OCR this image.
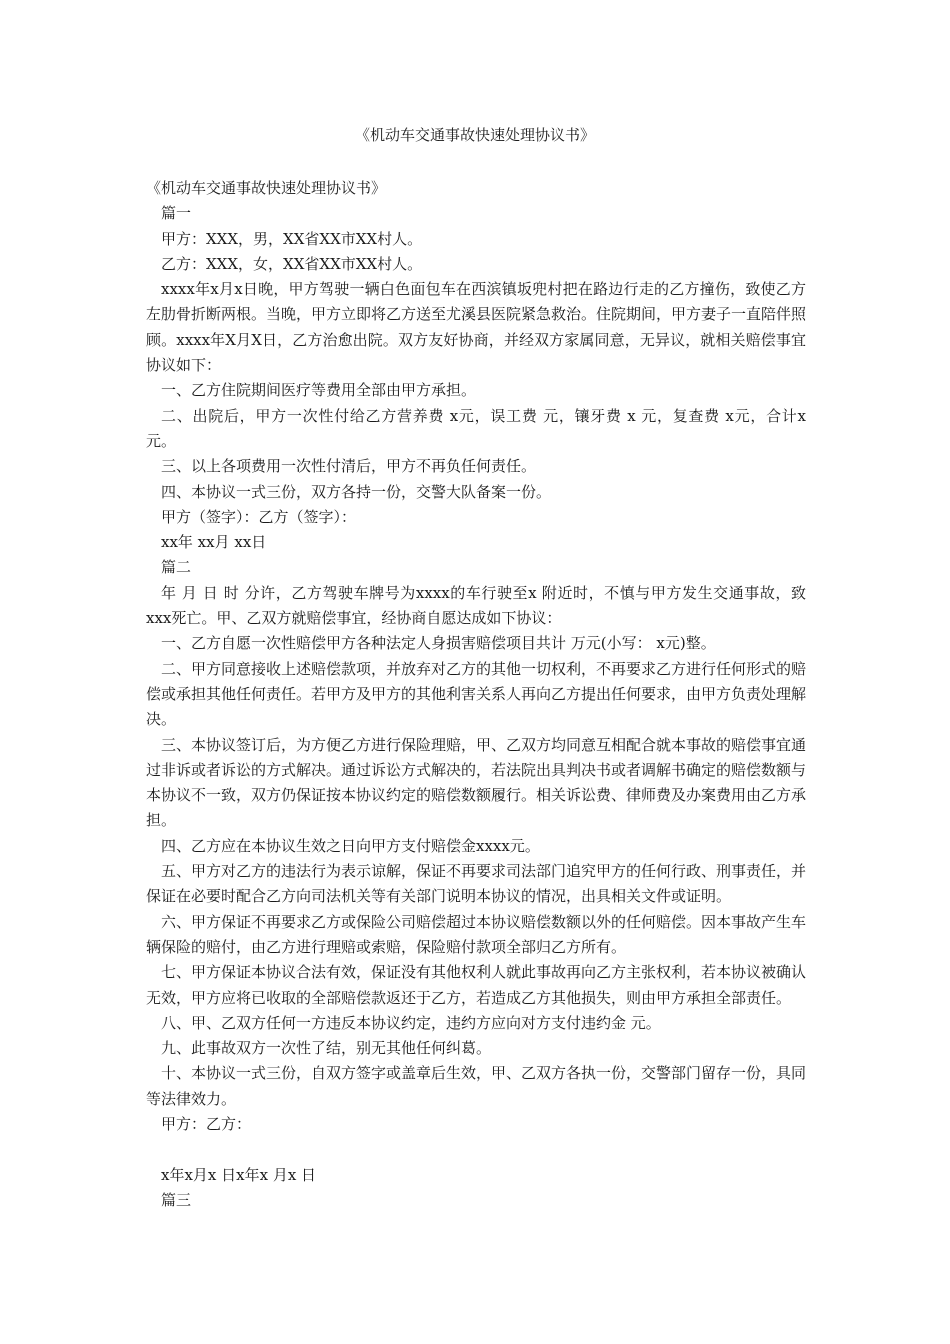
《机动车交通事故快速处理协议书》

《机动车交通事故快速处理协议书》

篇一

甲方：XXX，男，XX省XX市XX村人。

乙方：XXX，女，XX省XX市XX村人。

xxxx年x月x日晚，甲方驾驶一辆白色面包车在西滨镇坂兜村把在路边行走的乙方撞伤，致使乙方左肋骨折断两根。当晚，甲方立即将乙方送至尤溪县医院紧急救治。住院期间，甲方妻子一直陪伴照顾。xxxx年X月X日，乙方治愈出院。双方友好协商，并经双方家属同意，无异议，就相关赔偿事宜协议如下：

一、乙方住院期间医疗等费用全部由甲方承担。

二、出院后，甲方一次性付给乙方营养费 x元，误工费 元，镶牙费 x 元，复查费 x元，合计x 元。

三、以上各项费用一次性付清后，甲方不再负任何责任。

四、本协议一式三份，双方各持一份，交警大队备案一份。

甲方（签字）：乙方（签字）：

xx年 xx月 xx日

篇二

年 月 日 时 分许，乙方驾驶车牌号为xxxx的车行驶至x 附近时，不慎与甲方发生交通事故，致xxx死亡。甲、乙双方就赔偿事宜，经协商自愿达成如下协议：

一、乙方自愿一次性赔偿甲方各种法定人身损害赔偿项目共计 万元(小写： x元)整。

二、甲方同意接收上述赔偿款项，并放弃对乙方的其他一切权利，不再要求乙方进行任何形式的赔偿或承担其他任何责任。若甲方及甲方的其他利害关系人再向乙方提出任何要求，由甲方负责处理解决。

三、本协议签订后，为方便乙方进行保险理赔，甲、乙双方均同意互相配合就本事故的赔偿事宜通过非诉或者诉讼的方式解决。通过诉讼方式解决的，若法院出具判决书或者调解书确定的赔偿数额与本协议不一致，双方仍保证按本协议约定的赔偿数额履行。相关诉讼费、律师费及办案费用由乙方承担。

四、乙方应在本协议生效之日向甲方支付赔偿金xxxx元。

五、甲方对乙方的违法行为表示谅解，保证不再要求司法部门追究甲方的任何行政、刑事责任，并保证在必要时配合乙方向司法机关等有关部门说明本协议的情况，出具相关文件或证明。

六、甲方保证不再要求乙方或保险公司赔偿超过本协议赔偿数额以外的任何赔偿。因本事故产生车辆保险的赔付，由乙方进行理赔或索赔，保险赔付款项全部归乙方所有。

七、甲方保证本协议合法有效，保证没有其他权利人就此事故再向乙方主张权利，若本协议被确认无效，甲方应将已收取的全部赔偿款返还于乙方，若造成乙方其他损失，则由甲方承担全部责任。

八、甲、乙双方任何一方违反本协议约定，违约方应向对方支付违约金 元。

九、此事故双方一次性了结，别无其他任何纠葛。

十、本协议一式三份，自双方签字或盖章后生效，甲、乙双方各执一份，交警部门留存一份，具同等法律效力。

甲方：乙方：

x年x月x 日x年x 月x 日

篇三
